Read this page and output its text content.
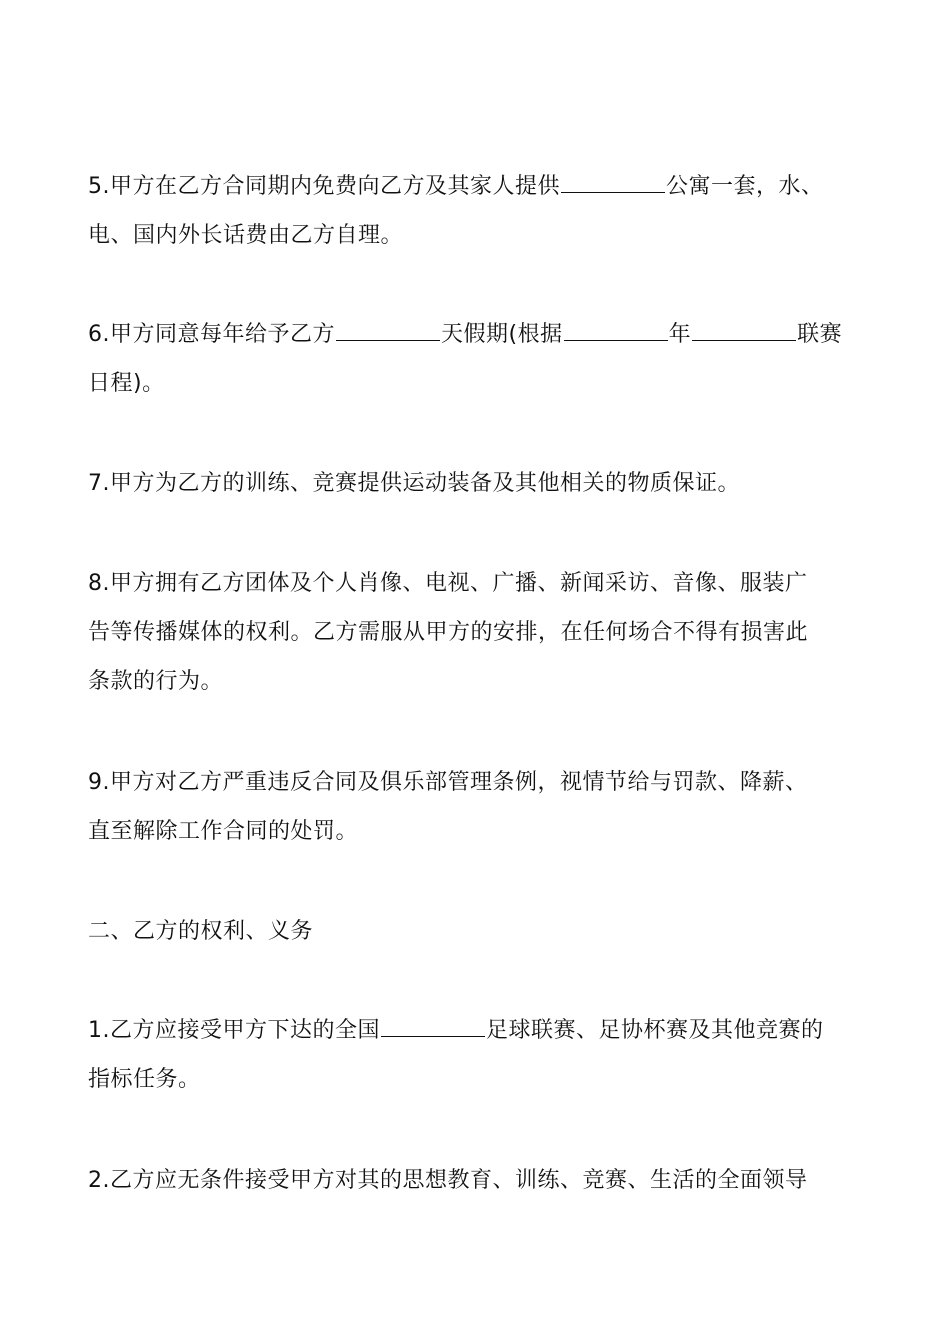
5.甲方在乙方合同期内免费向乙方及其家人提供	公寓一套，水、
电、国内外长话费由乙方自理。
6.甲方同意每年给予乙方	天假期(根据	年	联赛
日程)。
7.甲方为乙方的训练、竞赛提供运动装备及其他相关的物质保证。
8.甲方拥有乙方团体及个人肖像、电视、广播、新闻采访、音像、服装广
告等传播媒体的权利。乙方需服从甲方的安排，在任何场合不得有损害此
条款的行为。
9.甲方对乙方严重违反合同及俱乐部管理条例，视情节给与罚款、降薪、
直至解除工作合同的处罚。
二、乙方的权利、义务
1.乙方应接受甲方下达的全国	足球联赛、足协杯赛及其他竞赛的
指标任务。
2.乙方应无条件接受甲方对其的思想教育、训练、竞赛、生活的全面领导
